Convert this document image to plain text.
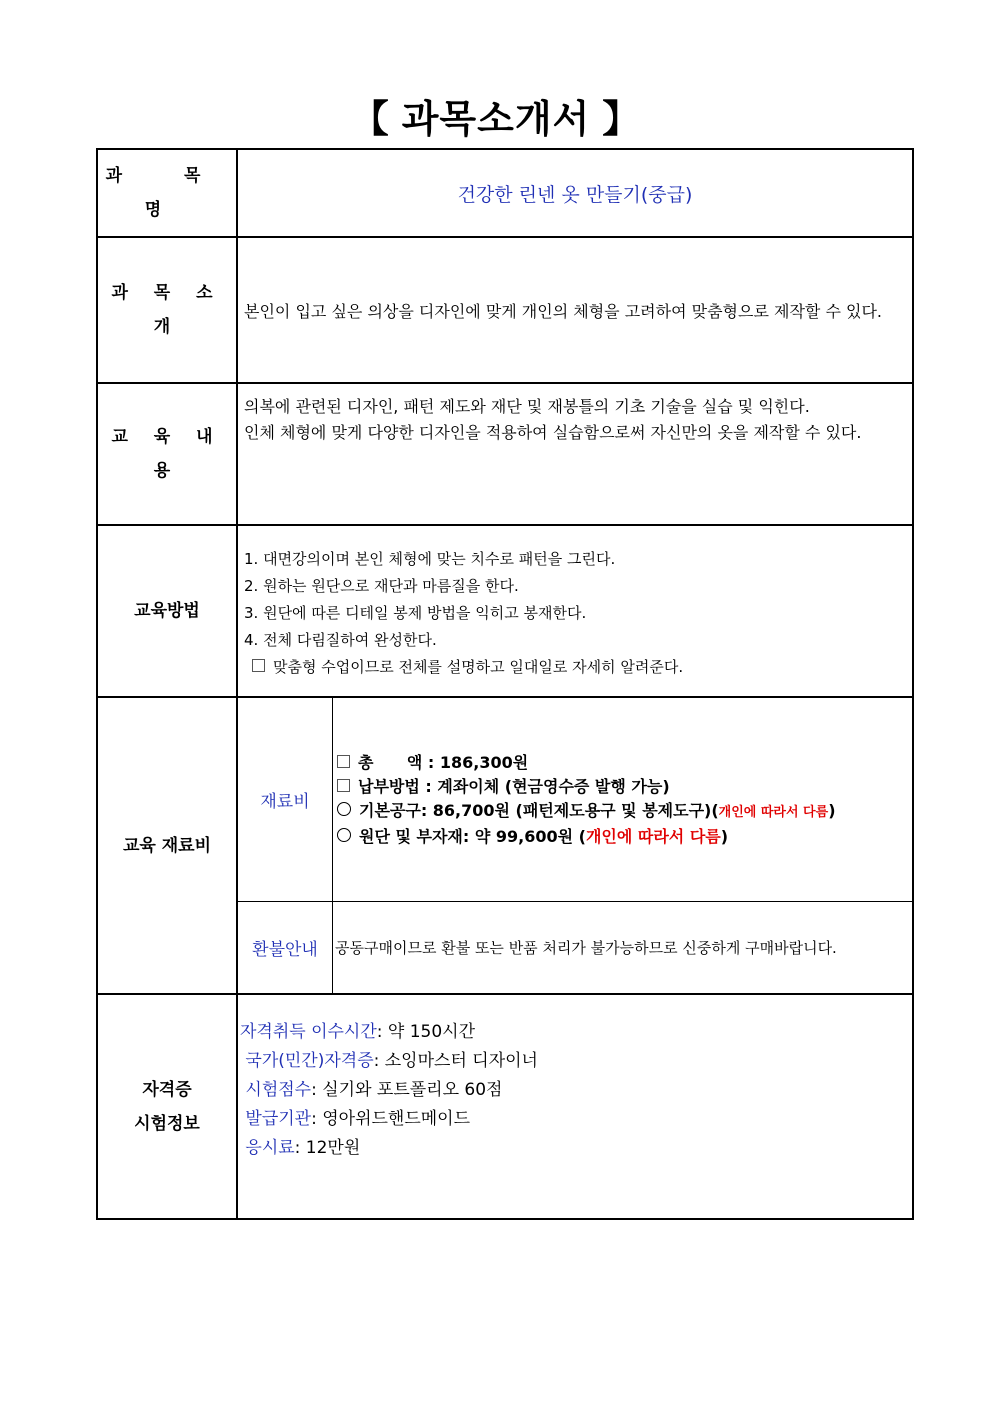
【 과목소개서 】
과 목 명
건강한 린넨 옷 만들기(중급)
과 목 소 개
본인이 입고 싶은 의상을 디자인에 맞게 개인의 체형을 고려하여 맞춤형으로 제작할 수 있다.
교 육 내 용

의복에 관련된 디자인, 패턴 제도와 재단 및 재봉틀의 기초 기술을 실습 및 익힌다.

인체 체형에 맞게 다양한 디자인을 적용하여 실습함으로써 자신만의 옷을 제작할 수 있다.

교육방법

1. 대면강의이며 본인 체형에 맞는 치수로 패턴을 그린다.

2. 원하는 원단으로 재단과 마름질을 한다.

3. 원단에 따른 디테일 봉제 방법을 익히고 봉재한다.

4. 전체 다림질하여 완성한다.

맞춤형 수업이므로 전체를 설명하고 일대일로 자세히 알려준다.

교육 재료비
재료비

총      액 : 186,300원

납부방법 : 계좌이체 (현금영수증 발행 가능)

기본공구: 86,700원 (패턴제도용구 및 봉제도구)(개인에 따라서 다름)

원단 및 부자재: 약 99,600원 (개인에 따라서 다름)

환불안내	공동구매이므로 환불 또는 반품 처리가 불가능하므로 신중하게 구매바랍니다.
자격증
시험정보

자격취득 이수시간: 약 150시간

국가(민간)자격증: 소잉마스터 디자이너

시험점수: 실기와 포트폴리오 60점

발급기관: 영아위드핸드메이드

응시료: 12만원
